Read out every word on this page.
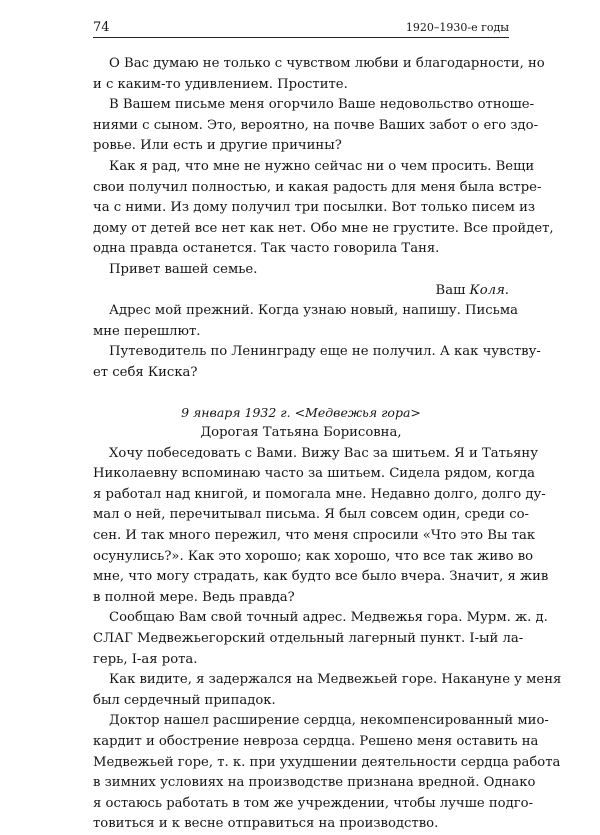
74	1920–1930-е годы
О Вас думаю не только с чувством любви и благодарности, но
и с каким-то удивлением. Простите.
В Вашем письме меня огорчило Ваше недовольство отноше-
ниями с сыном. Это, вероятно, на почве Ваших забот о его здо-
ровье. Или есть и другие причины?
Как я рад, что мне не нужно сейчас ни о чем просить. Вещи
свои получил полностью, и какая радость для меня была встре-
ча с ними. Из дому получил три посылки. Вот только писем из
дому от детей все нет как нет. Обо мне не грустите. Все пройдет,
одна правда останется. Так часто говорила Таня.
Привет вашей семье.
Ваш Коля.
Адрес мой прежний. Когда узнаю новый, напишу. Письма
мне перешлют.
Путеводитель по Ленинграду еще не получил. А как чувству-
ет себя Киска?
9 января 1932 г. <Медвежья гора>
Дорогая Татьяна Борисовна,
Хочу побеседовать с Вами. Вижу Вас за шитьем. Я и Татьяну
Николаевну вспоминаю часто за шитьем. Сидела рядом, когда
я работал над книгой, и помогала мне. Недавно долго, долго ду-
мал о ней, перечитывал письма. Я был совсем один, среди со-
сен. И так много пережил, что меня спросили «Что это Вы так
осунулись?». Как это хорошо; как хорошо, что все так живо во
мне, что могу страдать, как будто все было вчера. Значит, я жив
в полной мере. Ведь правда?
Сообщаю Вам свой точный адрес. Медвежья гора. Мурм. ж. д.
СЛАГ Медвежьегорский отдельный лагерный пункт. I-ый ла-
герь, I-ая рота.
Как видите, я задержался на Медвежьей горе. Накануне у меня
был сердечный припадок.
Доктор нашел расширение сердца, некомпенсированный мио-
кардит и обострение невроза сердца. Решено меня оставить на
Медвежьей горе, т. к. при ухудшении деятельности сердца работа
в зимних условиях на производстве признана вредной. Однако
я остаюсь работать в том же учреждении, чтобы лучше подго-
товиться и к весне отправиться на производство.
